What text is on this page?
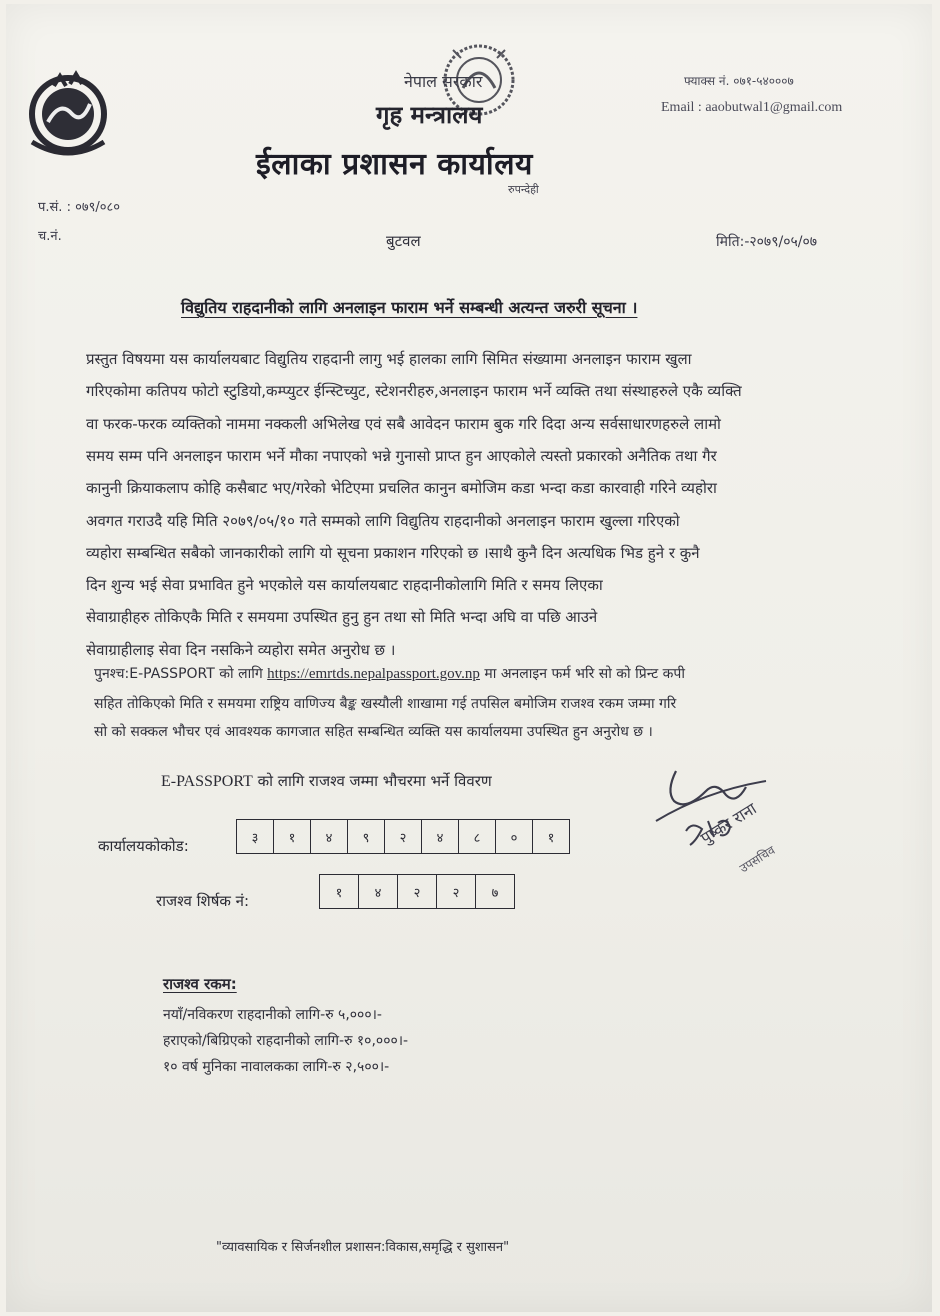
नेपाल सरकार
गृह मन्त्रालय
ईलाका प्रशासन कार्यालय
रुपन्देही
फ्याक्स नं. ०७१-५४०००७
Email : aaobutwal1@gmail.com
प.सं. : ०७९/०८०
च.नं.	बुटवल	मिति:-२०७९/०५/०७
विद्युतिय राहदानीको लागि अनलाइन फाराम भर्ने सम्बन्धी अत्यन्त जरुरी सूचना ।
प्रस्तुत विषयमा यस कार्यालयबाट विद्युतिय राहदानी लागु भई हालका लागि सिमित संख्यामा अनलाइन फाराम खुला
गरिएकोमा कतिपय फोटो स्टुडियो,कम्प्युटर ईन्स्टिच्युट, स्टेशनरीहरु,अनलाइन फाराम भर्ने व्यक्ति तथा संस्थाहरुले एकै व्यक्ति
वा फरक-फरक व्यक्तिको नाममा नक्कली अभिलेख एवं सबै आवेदन फाराम बुक गरि दिदा अन्य सर्वसाधारणहरुले लामो
समय सम्म पनि अनलाइन फाराम भर्ने मौका नपाएको भन्ने गुनासो प्राप्त हुन आएकोले त्यस्तो प्रकारको अनैतिक तथा गैर
कानुनी क्रियाकलाप कोहि कसैबाट भए/गरेको भेटिएमा प्रचलित कानुन बमोजिम कडा भन्दा कडा कारवाही गरिने व्यहोरा
अवगत गराउदै यहि मिति २०७९/०५/१० गते सम्मको लागि विद्युतिय राहदानीको अनलाइन फाराम खुल्ला गरिएको
व्यहोरा सम्बन्धित सबैको जानकारीको लागि यो सूचना प्रकाशन गरिएको छ ।साथै कुनै दिन अत्यधिक भिड हुने र कुनै
दिन शुन्य भई सेवा प्रभावित हुने भएकोले यस कार्यालयबाट राहदानीकोलागि मिति र समय लिएका
सेवाग्राहीहरु तोकिएकै मिति र समयमा उपस्थित हुनु हुन तथा सो मिति भन्दा अघि वा पछि आउने
सेवाग्राहीलाइ सेवा दिन नसकिने व्यहोरा समेत अनुरोध छ ।
पुनश्च:E-PASSPORT को लागि https://emrtds.nepalpassport.gov.np मा अनलाइन फर्म भरि सो को प्रिन्ट कपी
सहित तोकिएको मिति र समयमा राष्ट्रिय वाणिज्य बैङ्क खस्यौली शाखामा गई तपसिल बमोजिम राजश्व रकम जम्मा गरि
सो को सक्कल भौचर एवं आवश्यक कागजात सहित सम्बन्धित व्यक्ति यस कार्यालयमा उपस्थित हुन अनुरोध छ ।
E-PASSPORT को लागि राजश्व जम्मा भौचरमा भर्ने विवरण
कार्यालयकोकोड:	३	१	४	९	२	४	८	०	१
राजश्व शिर्षक नं:	१	४	२	२	७
पुष्कर राना
उपसचिव
राजश्व रकम:
नयाँ/नविकरण राहदानीको लागि-रु ५,०००।-
हराएको/बिग्रिएको राहदानीको लागि-रु १०,०००।-
१० वर्ष मुनिका नावालकका लागि-रु २,५००।-
"व्यावसायिक र सिर्जनशील प्रशासन:विकास,समृद्धि र सुशासन"
